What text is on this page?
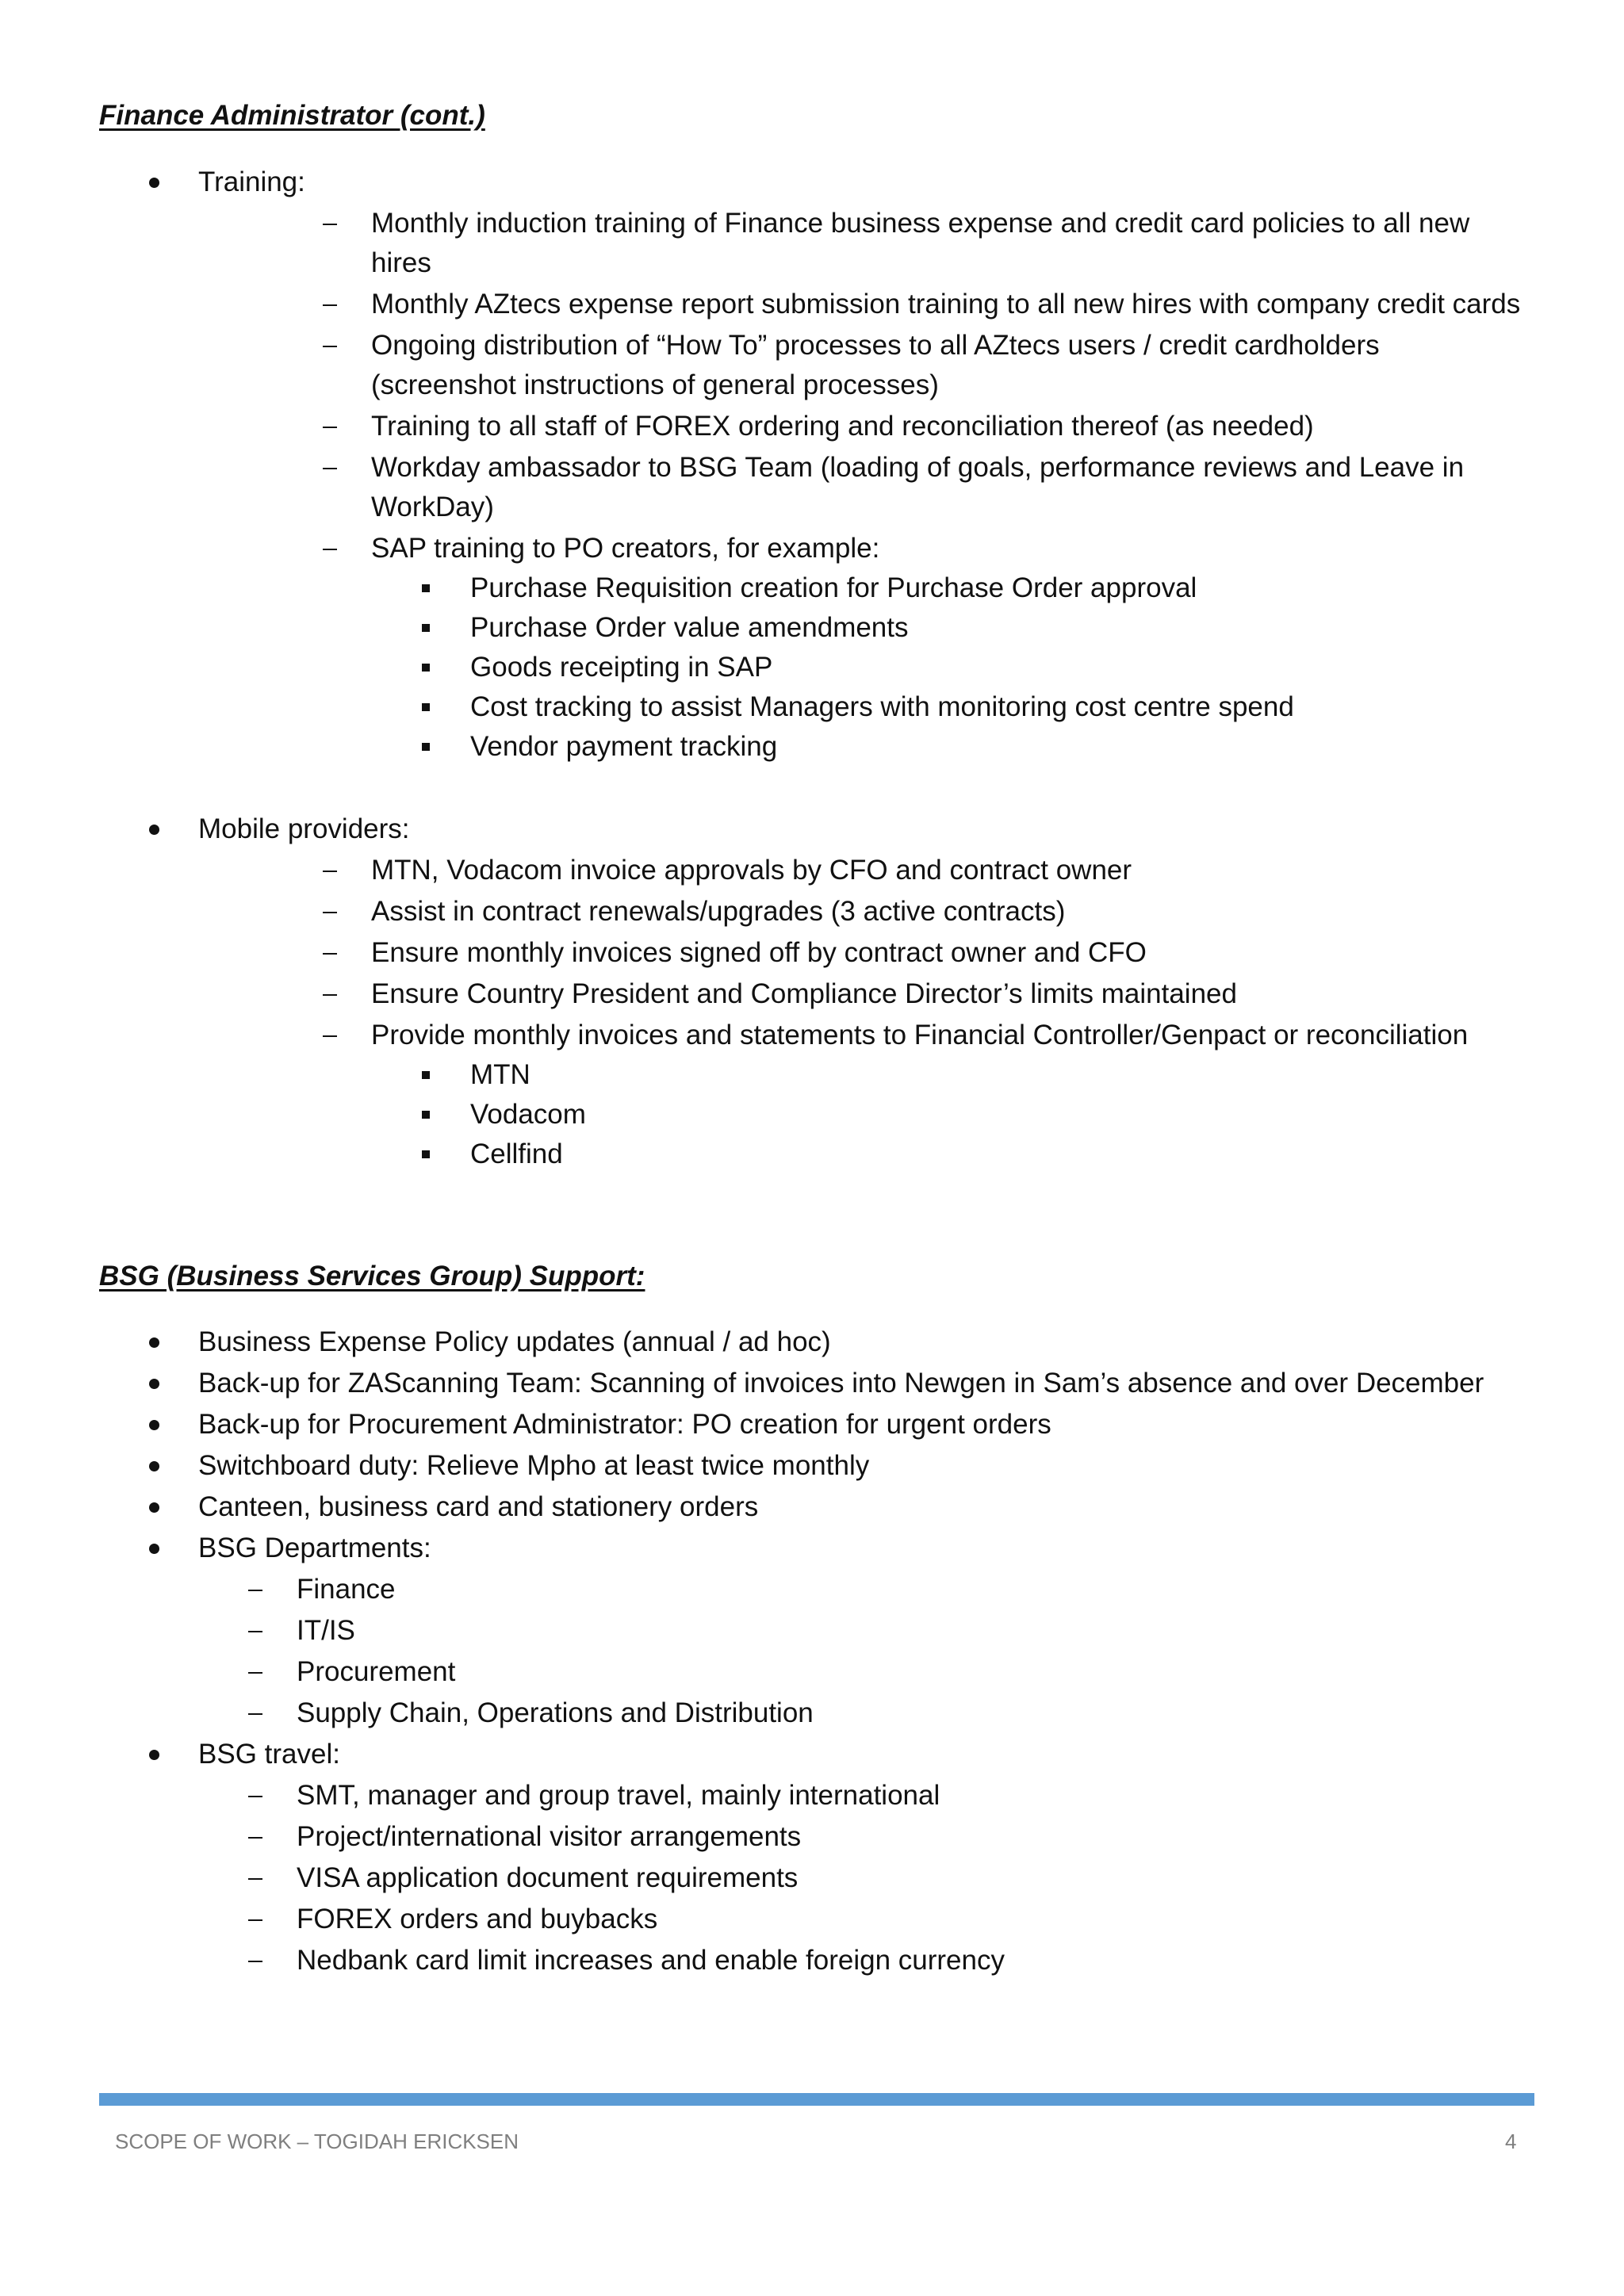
Finance Administrator (cont.)
Training:
Monthly induction training of Finance business expense and credit card policies to all new
hires
Monthly AZtecs expense report submission training to all new hires with company credit cards
Ongoing distribution of “How To” processes to all AZtecs users / credit cardholders
(screenshot instructions of general processes)
Training to all staff of FOREX ordering and reconciliation thereof (as needed)
Workday ambassador to BSG Team (loading of goals, performance reviews and Leave in
WorkDay)
SAP training to PO creators, for example:
Purchase Requisition creation for Purchase Order approval
Purchase Order value amendments
Goods receipting in SAP
Cost tracking to assist Managers with monitoring cost centre spend
Vendor payment tracking
Mobile providers:
MTN, Vodacom invoice approvals by CFO and contract owner
Assist in contract renewals/upgrades (3 active contracts)
Ensure monthly invoices signed off by contract owner and CFO
Ensure Country President and Compliance Director’s limits maintained
Provide monthly invoices and statements to Financial Controller/Genpact or reconciliation
MTN
Vodacom
Cellfind
BSG (Business Services Group) Support:
Business Expense Policy updates (annual / ad hoc)
Back-up for ZAScanning Team: Scanning of invoices into Newgen in Sam’s absence and over December
Back-up for Procurement Administrator: PO creation for urgent orders
Switchboard duty: Relieve Mpho at least twice monthly
Canteen, business card and stationery orders
BSG Departments:
Finance
IT/IS
Procurement
Supply Chain, Operations and Distribution
BSG travel:
SMT, manager and group travel, mainly international
Project/international visitor arrangements
VISA application document requirements
FOREX orders and buybacks
Nedbank card limit increases and enable foreign currency
SCOPE OF WORK – TOGIDAH ERICKSEN	4
